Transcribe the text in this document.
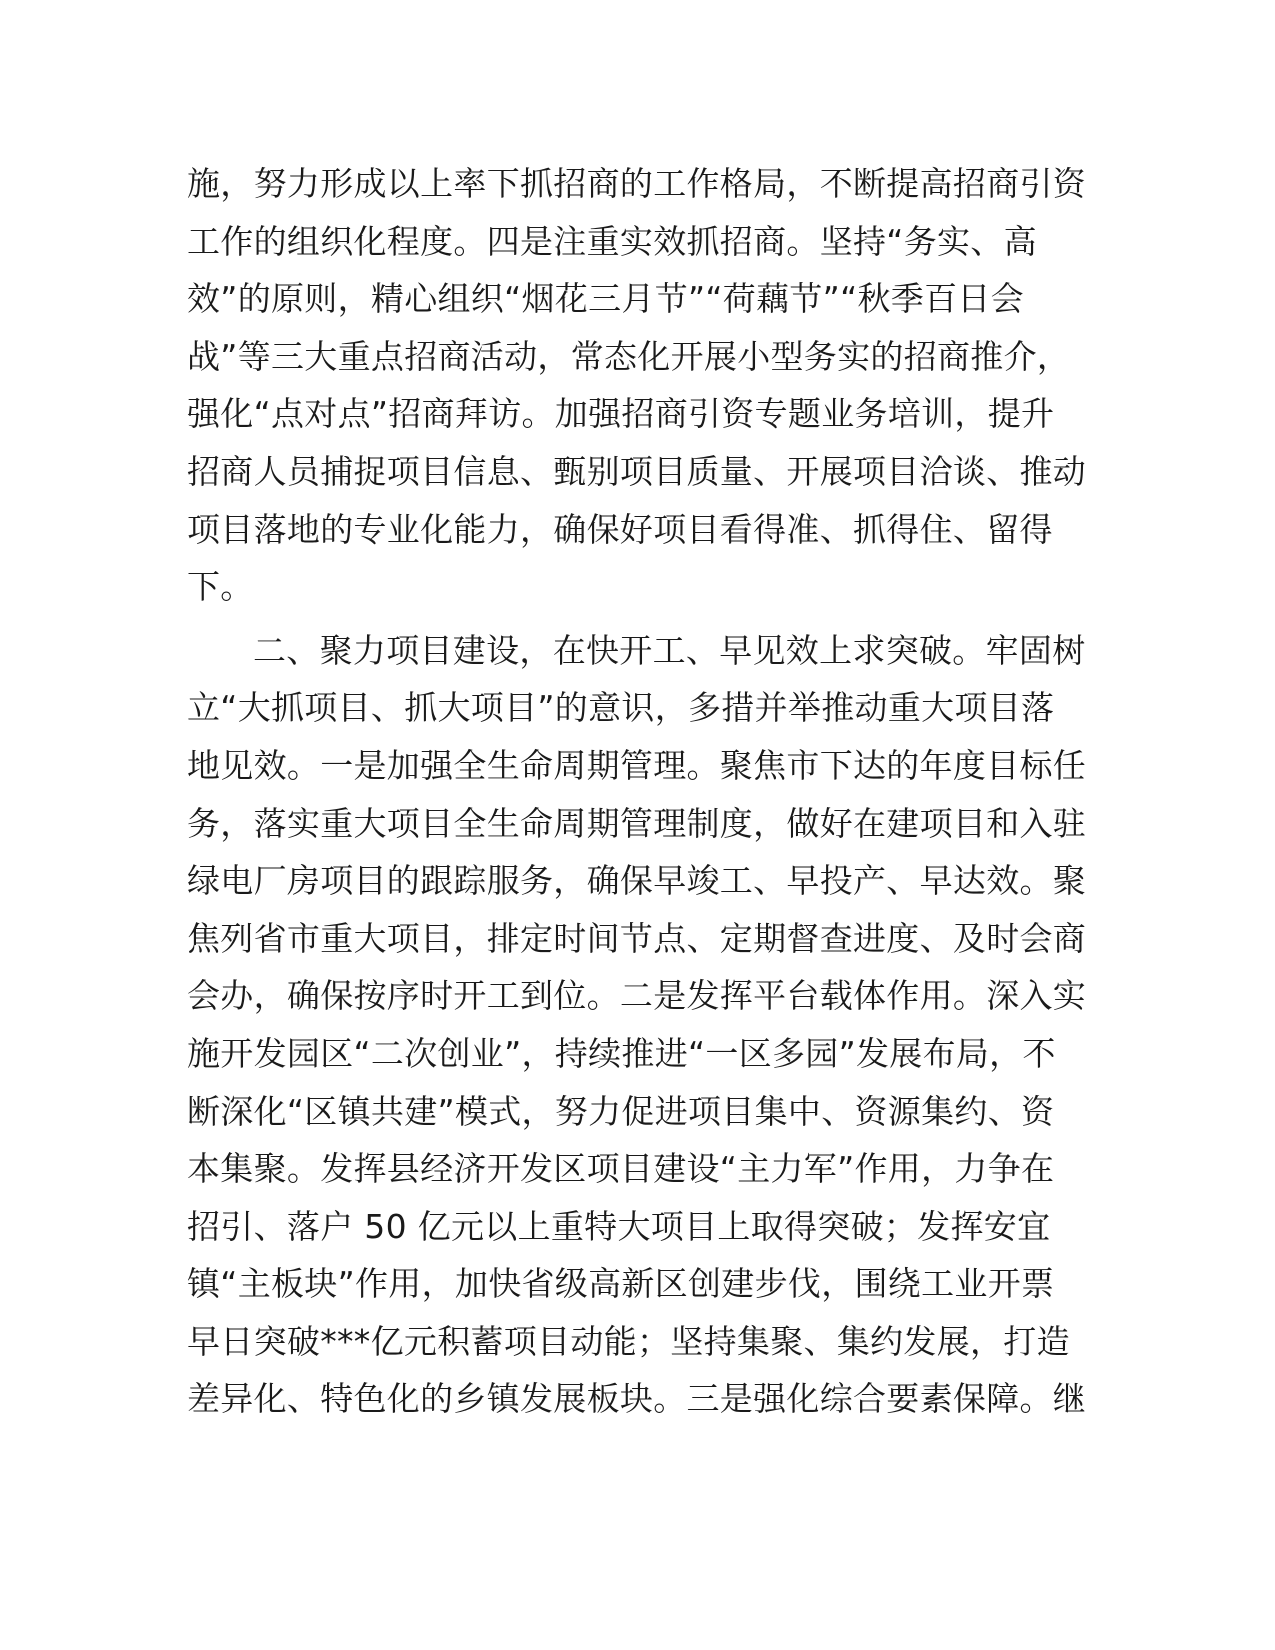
施，努力形成以上率下抓招商的工作格局，不断提高招商引资
工作的组织化程度。四是注重实效抓招商。坚持“务实、高
效”的原则，精心组织“烟花三月节”“荷藕节”“秋季百日会
战”等三大重点招商活动，常态化开展小型务实的招商推介，
强化“点对点”招商拜访。加强招商引资专题业务培训，提升
招商人员捕捉项目信息、甄别项目质量、开展项目洽谈、推动
项目落地的专业化能力，确保好项目看得准、抓得住、留得
下。
二、聚力项目建设，在快开工、早见效上求突破。牢固树
立“大抓项目、抓大项目”的意识，多措并举推动重大项目落
地见效。一是加强全生命周期管理。聚焦市下达的年度目标任
务，落实重大项目全生命周期管理制度，做好在建项目和入驻
绿电厂房项目的跟踪服务，确保早竣工、早投产、早达效。聚
焦列省市重大项目，排定时间节点、定期督查进度、及时会商
会办，确保按序时开工到位。二是发挥平台载体作用。深入实
施开发园区“二次创业”，持续推进“一区多园”发展布局，不
断深化“区镇共建”模式，努力促进项目集中、资源集约、资
本集聚。发挥县经济开发区项目建设“主力军”作用，力争在
招引、落户 50 亿元以上重特大项目上取得突破；发挥安宜
镇“主板块”作用，加快省级高新区创建步伐，围绕工业开票
早日突破***亿元积蓄项目动能；坚持集聚、集约发展，打造
差异化、特色化的乡镇发展板块。三是强化综合要素保障。继
